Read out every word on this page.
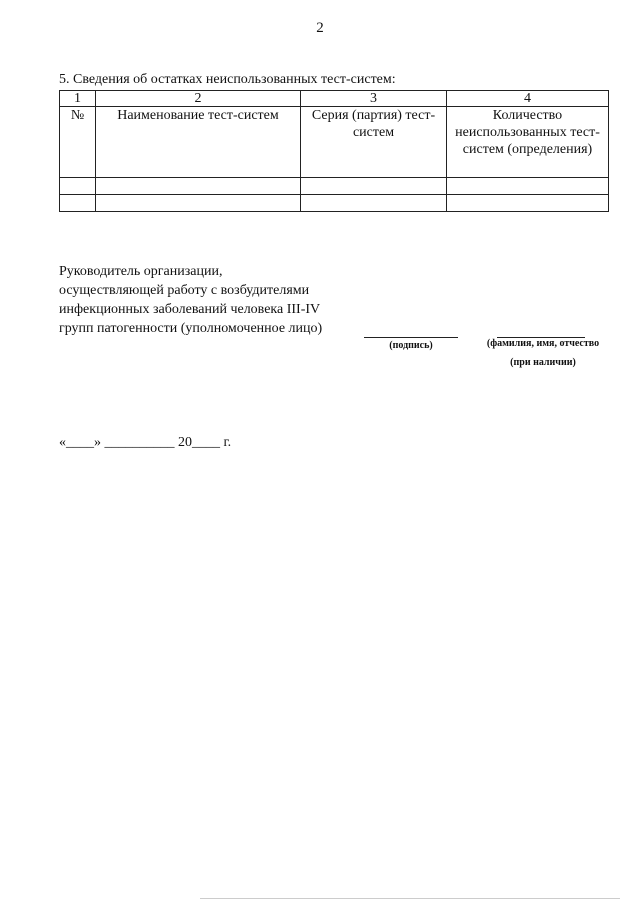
2
5. Сведения об остатках неиспользованных тест-систем:
1	2	3	4
№	Наименование тест-систем	Серия (партия) тест-систем	Количество неиспользованных тест-систем (определения)

Руководитель организации,
осуществляющей работу с возбудителями
инфекционных заболеваний человека III-IV
групп патогенности (уполномоченное лицо)
(подпись)	(фамилия, имя, отчество
(при наличии)
«____» __________ 20____ г.
